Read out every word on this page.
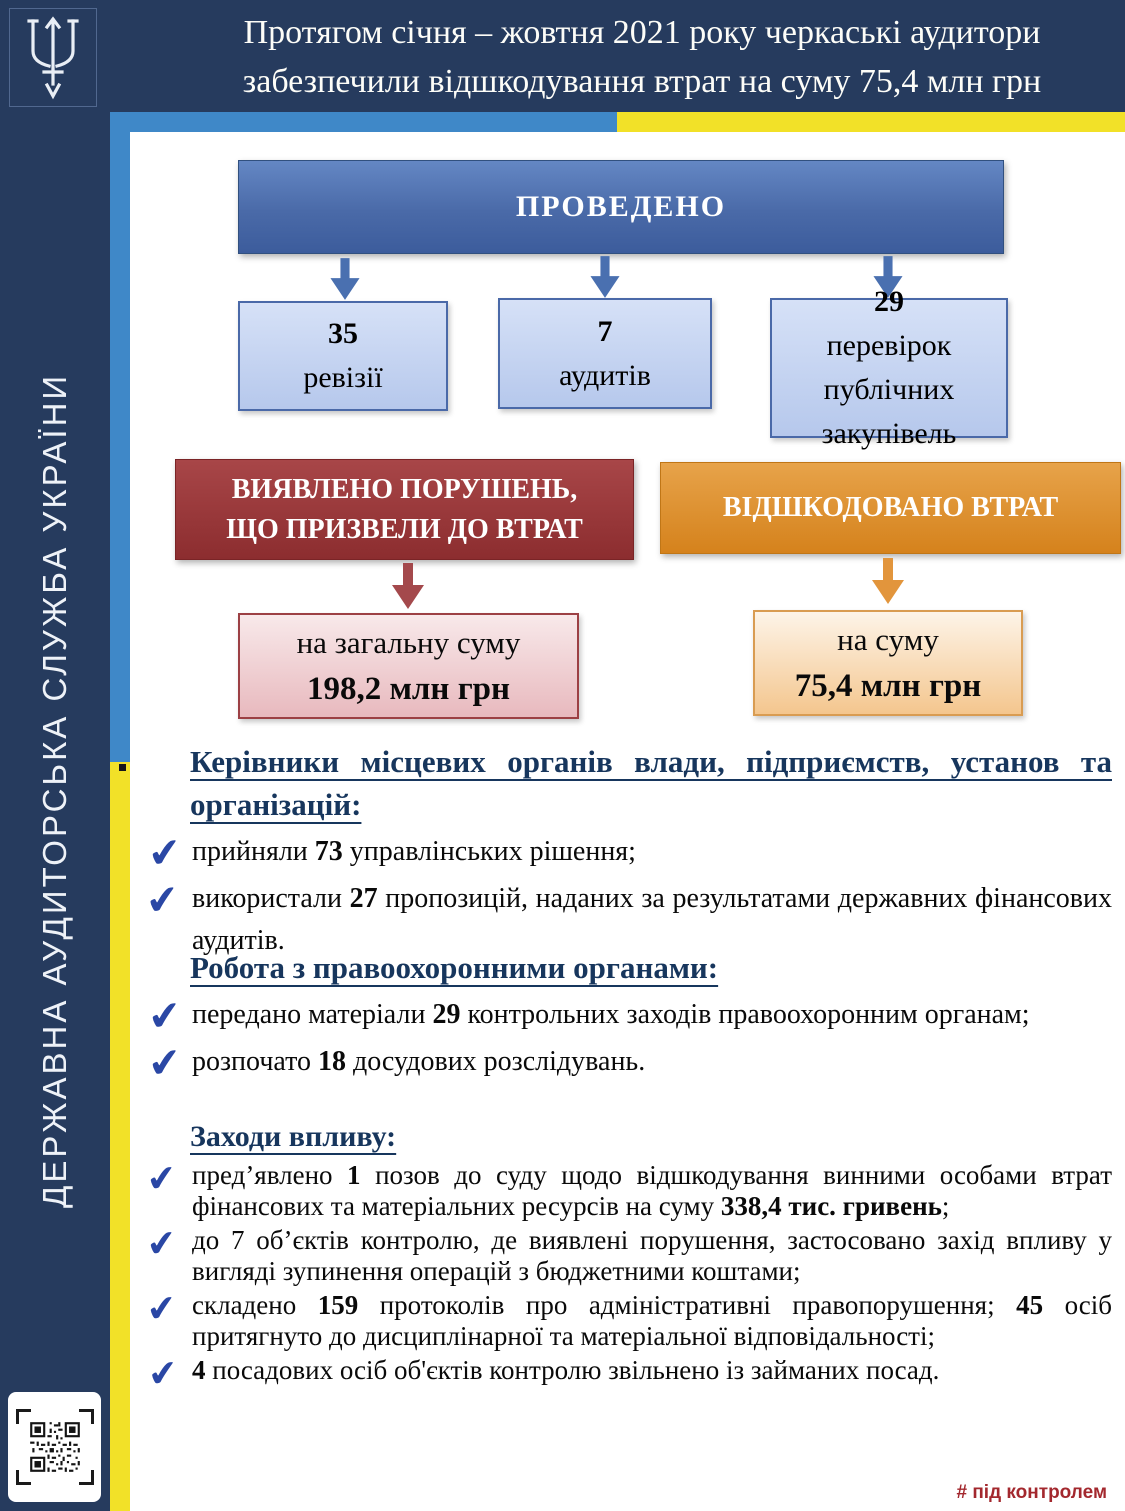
Протягом січня – жовтня 2021 року черкаські аудитори забезпечили відшкодування втрат на суму 75,4 млн грн
ДЕРЖАВНА АУДИТОРСЬКА СЛУЖБА УКРАЇНИ
ПРОВЕДЕНО
35
ревізії
7
аудитів
29
перевірок публічних закупівель
ВИЯВЛЕНО ПОРУШЕНЬ,
ЩО ПРИЗВЕЛИ ДО ВТРАТ
ВІДШКОДОВАНО ВТРАТ
на загальну суму
198,2 млн грн
на суму
75,4 млн грн
Керівники місцевих органів влади, підприємств, установ та організацій:
✔ прийняли 73 управлінських рішення;
✔ використали 27 пропозицій, наданих за результатами державних фінансових аудитів.
Робота з правоохоронними органами:
✔ передано матеріали 29 контрольних заходів правоохоронним органам;
✔ розпочато 18 досудових розслідувань.
Заходи впливу:
✔ пред’явлено 1 позов до суду щодо відшкодування винними особами втрат фінансових та матеріальних ресурсів на суму 338,4 тис. гривень;
✔ до 7 об’єктів контролю, де виявлені порушення, застосовано захід впливу у вигляді зупинення операцій з бюджетними коштами;
✔ складено 159 протоколів про адміністративні правопорушення; 45 осіб притягнуто до дисциплінарної та матеріальної відповідальності;
✔ 4 посадових осіб об'єктів контролю звільнено із займаних посад.
# під контролем
